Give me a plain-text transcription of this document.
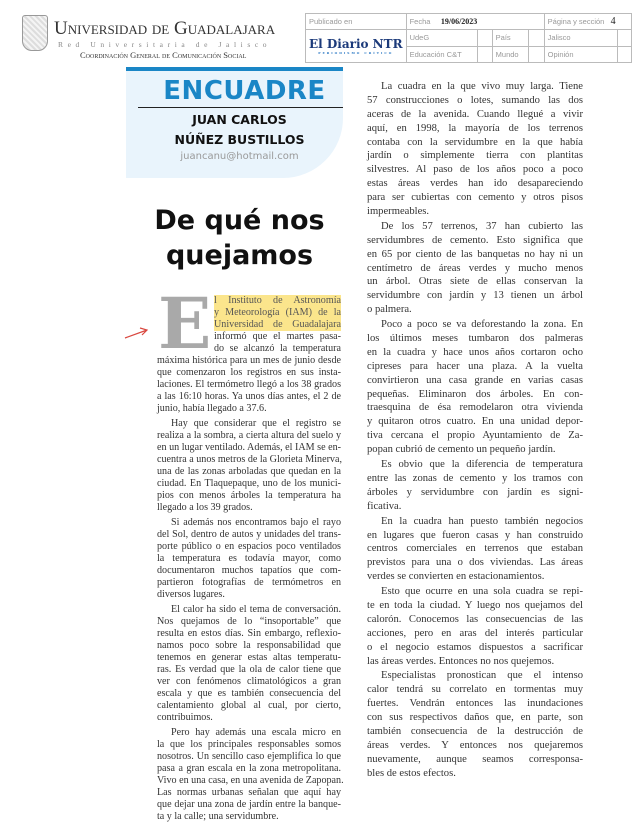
Universidad de Guadalajara
Red Universitaria de Jalisco
Coordinación General de Comunicación Social
Publicado en	Fecha 19/06/2023				Página y sección 4	
El Diario NTR
PERIODISMO CRÍTICO	UdeG		País		Jalisco	
	Educación C&T		Mundo		Opinión	
ENCUADRE
JUAN CARLOS
NÚÑEZ BUSTILLOS
juancanu@hotmail.com
De qué nos
quejamos
E l Instituto de Astronomía
y Meteorología (IAM) de la
Universidad de Guadalajara
informó que el martes pasa-
do se alcanzó la temperatura
máxima histórica para un mes de junio desde
que comenzaron los registros en sus insta-
laciones. El termómetro llegó a los 38 grados
a las 16:10 horas. Ya unos días antes, el 2 de
junio, había llegado a 37.6.
Hay que considerar que el registro se
realiza a la sombra, a cierta altura del suelo y
en un lugar ventilado. Además, el IAM se en-
cuentra a unos metros de la Glorieta Minerva,
una de las zonas arboladas que quedan en la
ciudad. En Tlaquepaque, uno de los munici-
pios con menos árboles la temperatura ha
llegado a los 39 grados.
Si además nos encontramos bajo el rayo
del Sol, dentro de autos y unidades del trans-
porte público o en espacios poco ventilados
la temperatura es todavía mayor, como
documentaron muchos tapatíos que com-
partieron fotografías de termómetros en
diversos lugares.
El calor ha sido el tema de conversación.
Nos quejamos de lo “insoportable” que
resulta en estos días. Sin embargo, reflexio-
namos poco sobre la responsabilidad que
tenemos en generar estas altas temperatu-
ras. Es verdad que la ola de calor tiene que
ver con fenómenos climatológicos a gran
escala y que es también consecuencia del
calentamiento global al cual, por cierto,
contribuimos.
Pero hay además una escala micro en
la que los principales responsables somos
nosotros. Un sencillo caso ejemplifica lo que
pasa a gran escala en la zona metropolitana.
Vivo en una casa, en una avenida de Zapopan.
Las normas urbanas señalan que aquí hay
que dejar una zona de jardín entre la banque-
ta y la calle; una servidumbre.
La cuadra en la que vivo muy larga. Tiene
57 construcciones o lotes, sumando las dos
aceras de la avenida. Cuando llegué a vivir
aquí, en 1998, la mayoría de los terrenos
contaba con la servidumbre en la que había
jardín o simplemente tierra con plantitas
silvestres. Al paso de los años poco a poco
estas áreas verdes han ido desapareciendo
para ser cubiertas con cemento y otros pisos
impermeables.
De los 57 terrenos, 37 han cubierto las
servidumbres de cemento. Esto significa que
en 65 por ciento de las banquetas no hay ni un
centímetro de áreas verdes y mucho menos
un árbol. Otras siete de ellas conservan la
servidumbre con jardín y 13 tienen un árbol
o palmera.
Poco a poco se va deforestando la zona. En
los últimos meses tumbaron dos palmeras
en la cuadra y hace unos años cortaron ocho
cipreses para hacer una plaza. A la vuelta
convirtieron una casa grande en varias casas
pequeñas. Eliminaron dos árboles. En con-
traesquina de ésa remodelaron otra vivienda
y quitaron otros cuatro. En una unidad depor-
tiva cercana el propio Ayuntamiento de Za-
popan cubrió de cemento un pequeño jardín.
Es obvio que la diferencia de temperatura
entre las zonas de cemento y los tramos con
árboles y servidumbre con jardín es signi-
ficativa.
En la cuadra han puesto también negocios
en lugares que fueron casas y han construido
centros comerciales en terrenos que estaban
previstos para una o dos viviendas. Las áreas
verdes se convierten en estacionamientos.
Esto que ocurre en una sola cuadra se repi-
te en toda la ciudad. Y luego nos quejamos del
calorón. Conocemos las consecuencias de las
acciones, pero en aras del interés particular
o el negocio estamos dispuestos a sacrificar
las áreas verdes. Entonces no nos quejemos.
Especialistas pronostican que el intenso
calor tendrá su correlato en tormentas muy
fuertes. Vendrán entonces las inundaciones
con sus respectivos daños que, en parte, son
también consecuencia de la destrucción de
áreas verdes. Y entonces nos quejaremos
nuevamente, aunque seamos corresponsa-
bles de estos efectos.
